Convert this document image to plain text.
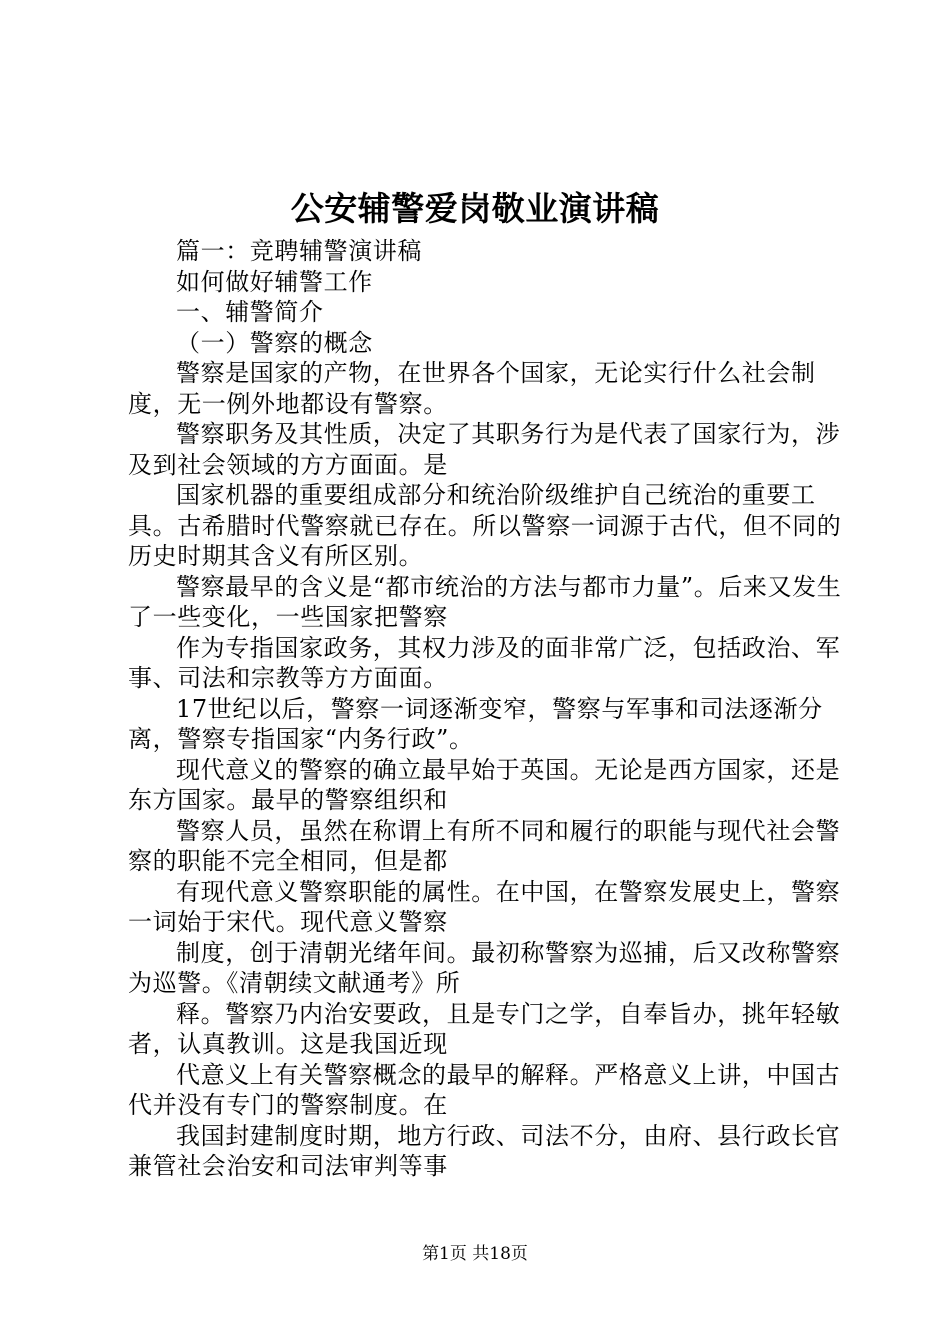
公安辅警爱岗敬业演讲稿

篇一：竞聘辅警演讲稿

如何做好辅警工作

一、辅警简介

（一）警察的概念

警察是国家的产物，在世界各个国家，无论实行什么社会制度，无一例外地都设有警察。

警察职务及其性质，决定了其职务行为是代表了国家行为，涉及到社会领域的方方面面。是

国家机器的重要组成部分和统治阶级维护自己统治的重要工具。古希腊时代警察就已存在。所以警察一词源于古代，但不同的历史时期其含义有所区别。

警察最早的含义是“都市统治的方法与都市力量”。后来又发生了一些变化，一些国家把警察

作为专指国家政务，其权力涉及的面非常广泛，包括政治、军事、司法和宗教等方方面面。

17世纪以后，警察一词逐渐变窄，警察与军事和司法逐渐分离，警察专指国家“内务行政”。

现代意义的警察的确立最早始于英国。无论是西方国家，还是东方国家。最早的警察组织和

警察人员，虽然在称谓上有所不同和履行的职能与现代社会警察的职能不完全相同，但是都

有现代意义警察职能的属性。在中国，在警察发展史上，警察一词始于宋代。现代意义警察

制度，创于清朝光绪年间。最初称警察为巡捕，后又改称警察为巡警。《清朝续文献通考》所

释。警察乃内治安要政，且是专门之学，自奉旨办，挑年轻敏者，认真教训。这是我国近现

代意义上有关警察概念的最早的解释。严格意义上讲，中国古代并没有专门的警察制度。在

我国封建制度时期，地方行政、司法不分，由府、县行政长官兼管社会治安和司法审判等事

第1页 共18页
